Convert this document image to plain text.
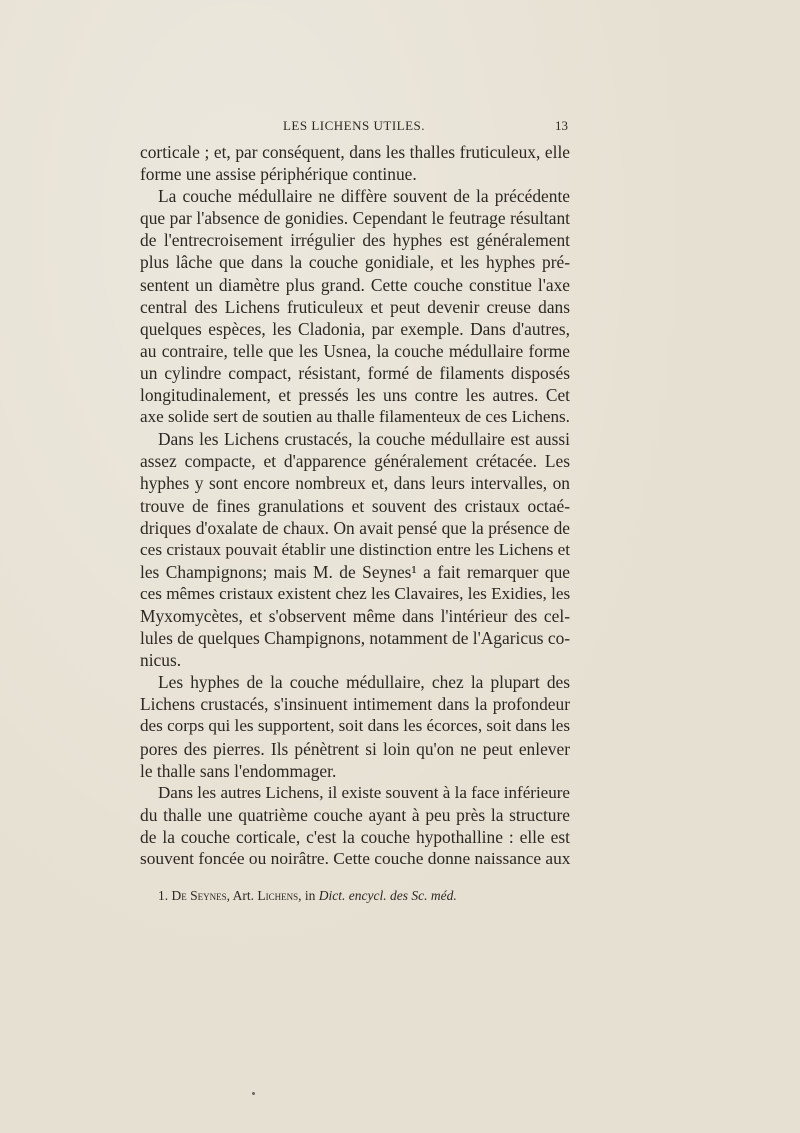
LES LICHENS UTILES.	13
corticale ; et, par conséquent, dans les thalles fruticuleux, elle
forme une assise périphérique continue.
La couche médullaire ne diffère souvent de la précédente
que par l'absence de gonidies. Cependant le feutrage résultant
de l'entrecroisement irrégulier des hyphes est généralement
plus lâche que dans la couche gonidiale, et les hyphes pré-
sentent un diamètre plus grand. Cette couche constitue l'axe
central des Lichens fruticuleux et peut devenir creuse dans
quelques espèces, les Cladonia, par exemple. Dans d'autres,
au contraire, telle que les Usnea, la couche médullaire forme
un cylindre compact, résistant, formé de filaments disposés
longitudinalement, et pressés les uns contre les autres. Cet
axe solide sert de soutien au thalle filamenteux de ces Lichens.
Dans les Lichens crustacés, la couche médullaire est aussi
assez compacte, et d'apparence généralement crétacée. Les
hyphes y sont encore nombreux et, dans leurs intervalles, on
trouve de fines granulations et souvent des cristaux octaé-
driques d'oxalate de chaux. On avait pensé que la présence de
ces cristaux pouvait établir une distinction entre les Lichens et
les Champignons; mais M. de Seynes¹ a fait remarquer que
ces mêmes cristaux existent chez les Clavaires, les Exidies, les
Myxomycètes, et s'observent même dans l'intérieur des cel-
lules de quelques Champignons, notamment de l'Agaricus co-
nicus.
Les hyphes de la couche médullaire, chez la plupart des
Lichens crustacés, s'insinuent intimement dans la profondeur
des corps qui les supportent, soit dans les écorces, soit dans les
pores des pierres. Ils pénètrent si loin qu'on ne peut enlever
le thalle sans l'endommager.
Dans les autres Lichens, il existe souvent à la face inférieure
du thalle une quatrième couche ayant à peu près la structure
de la couche corticale, c'est la couche hypothalline : elle est
souvent foncée ou noirâtre. Cette couche donne naissance aux
1. De Seynes, Art. Lichens, in Dict. encycl. des Sc. méd.
